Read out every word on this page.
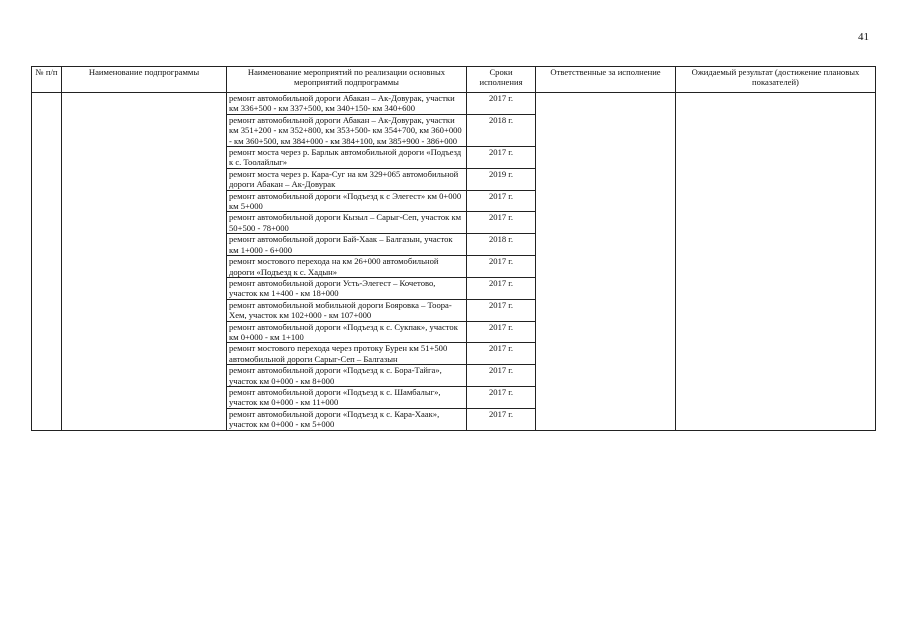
41
№ п/п	Наименование подпрограммы	Наименование мероприятий по реализации основных мероприятий подпрограммы	Сроки исполнения	Ответственные за исполнение	Ожидаемый результат (достижение плановых показателей)
		ремонт автомобильной дороги Абакан – Ак-Довурак, участки км 336+500 - км 337+500, км 340+150- км 340+600	2017 г.		
		ремонт автомобильной дороги Абакан – Ак-Довурак, участки км 351+200 - км 352+800, км 353+500- км 354+700, км 360+000 - км 360+500, км 384+000 - км 384+100, км 385+900 - 386+000	2018 г.		
		ремонт моста через р. Барлык автомобильной дороги «Подъезд к с. Тоолайлыг»	2017 г.		
		ремонт моста через р. Кара-Суг на км 329+065 автомобильной дороги Абакан – Ак-Довурак	2019 г.		
		ремонт автомобильной дороги «Подъезд к с Элегест» км 0+000 км 5+000	2017 г.		
		ремонт автомобильной дороги Кызыл – Сарыг-Сеп, участок км 50+500 - 78+000	2017 г.		
		ремонт автомобильной дороги Бай-Хаак – Балгазын, участок км 1+000 - 6+000	2018 г.		
		ремонт мостового перехода на км 26+000 автомобильной дороги «Подъезд к с. Хадын»	2017 г.		
		ремонт автомобильной дороги Усть-Элегест – Кочетово, участок км 1+400 - км 18+000	2017 г.		
		ремонт автомобильной мобильной дороги Бояровка – Тоора-Хем, участок км 102+000 - км 107+000	2017 г.		
		ремонт автомобильной дороги «Подъезд к с. Сукпак», участок км 0+000 - км 1+100	2017 г.		
		ремонт мостового перехода через протоку Бурен км 51+500 автомобильной дороги Сарыг-Сеп – Балгазын	2017 г.		
		ремонт автомобильной дороги «Подъезд к с. Бора-Тайга», участок км 0+000 - км 8+000	2017 г.		
		ремонт автомобильной дороги «Подъезд к с. Шамбалыг», участок км 0+000 - км 11+000	2017 г.		
		ремонт автомобильной дороги «Подъезд к с. Кара-Хаак», участок км 0+000 - км 5+000	2017 г.		
